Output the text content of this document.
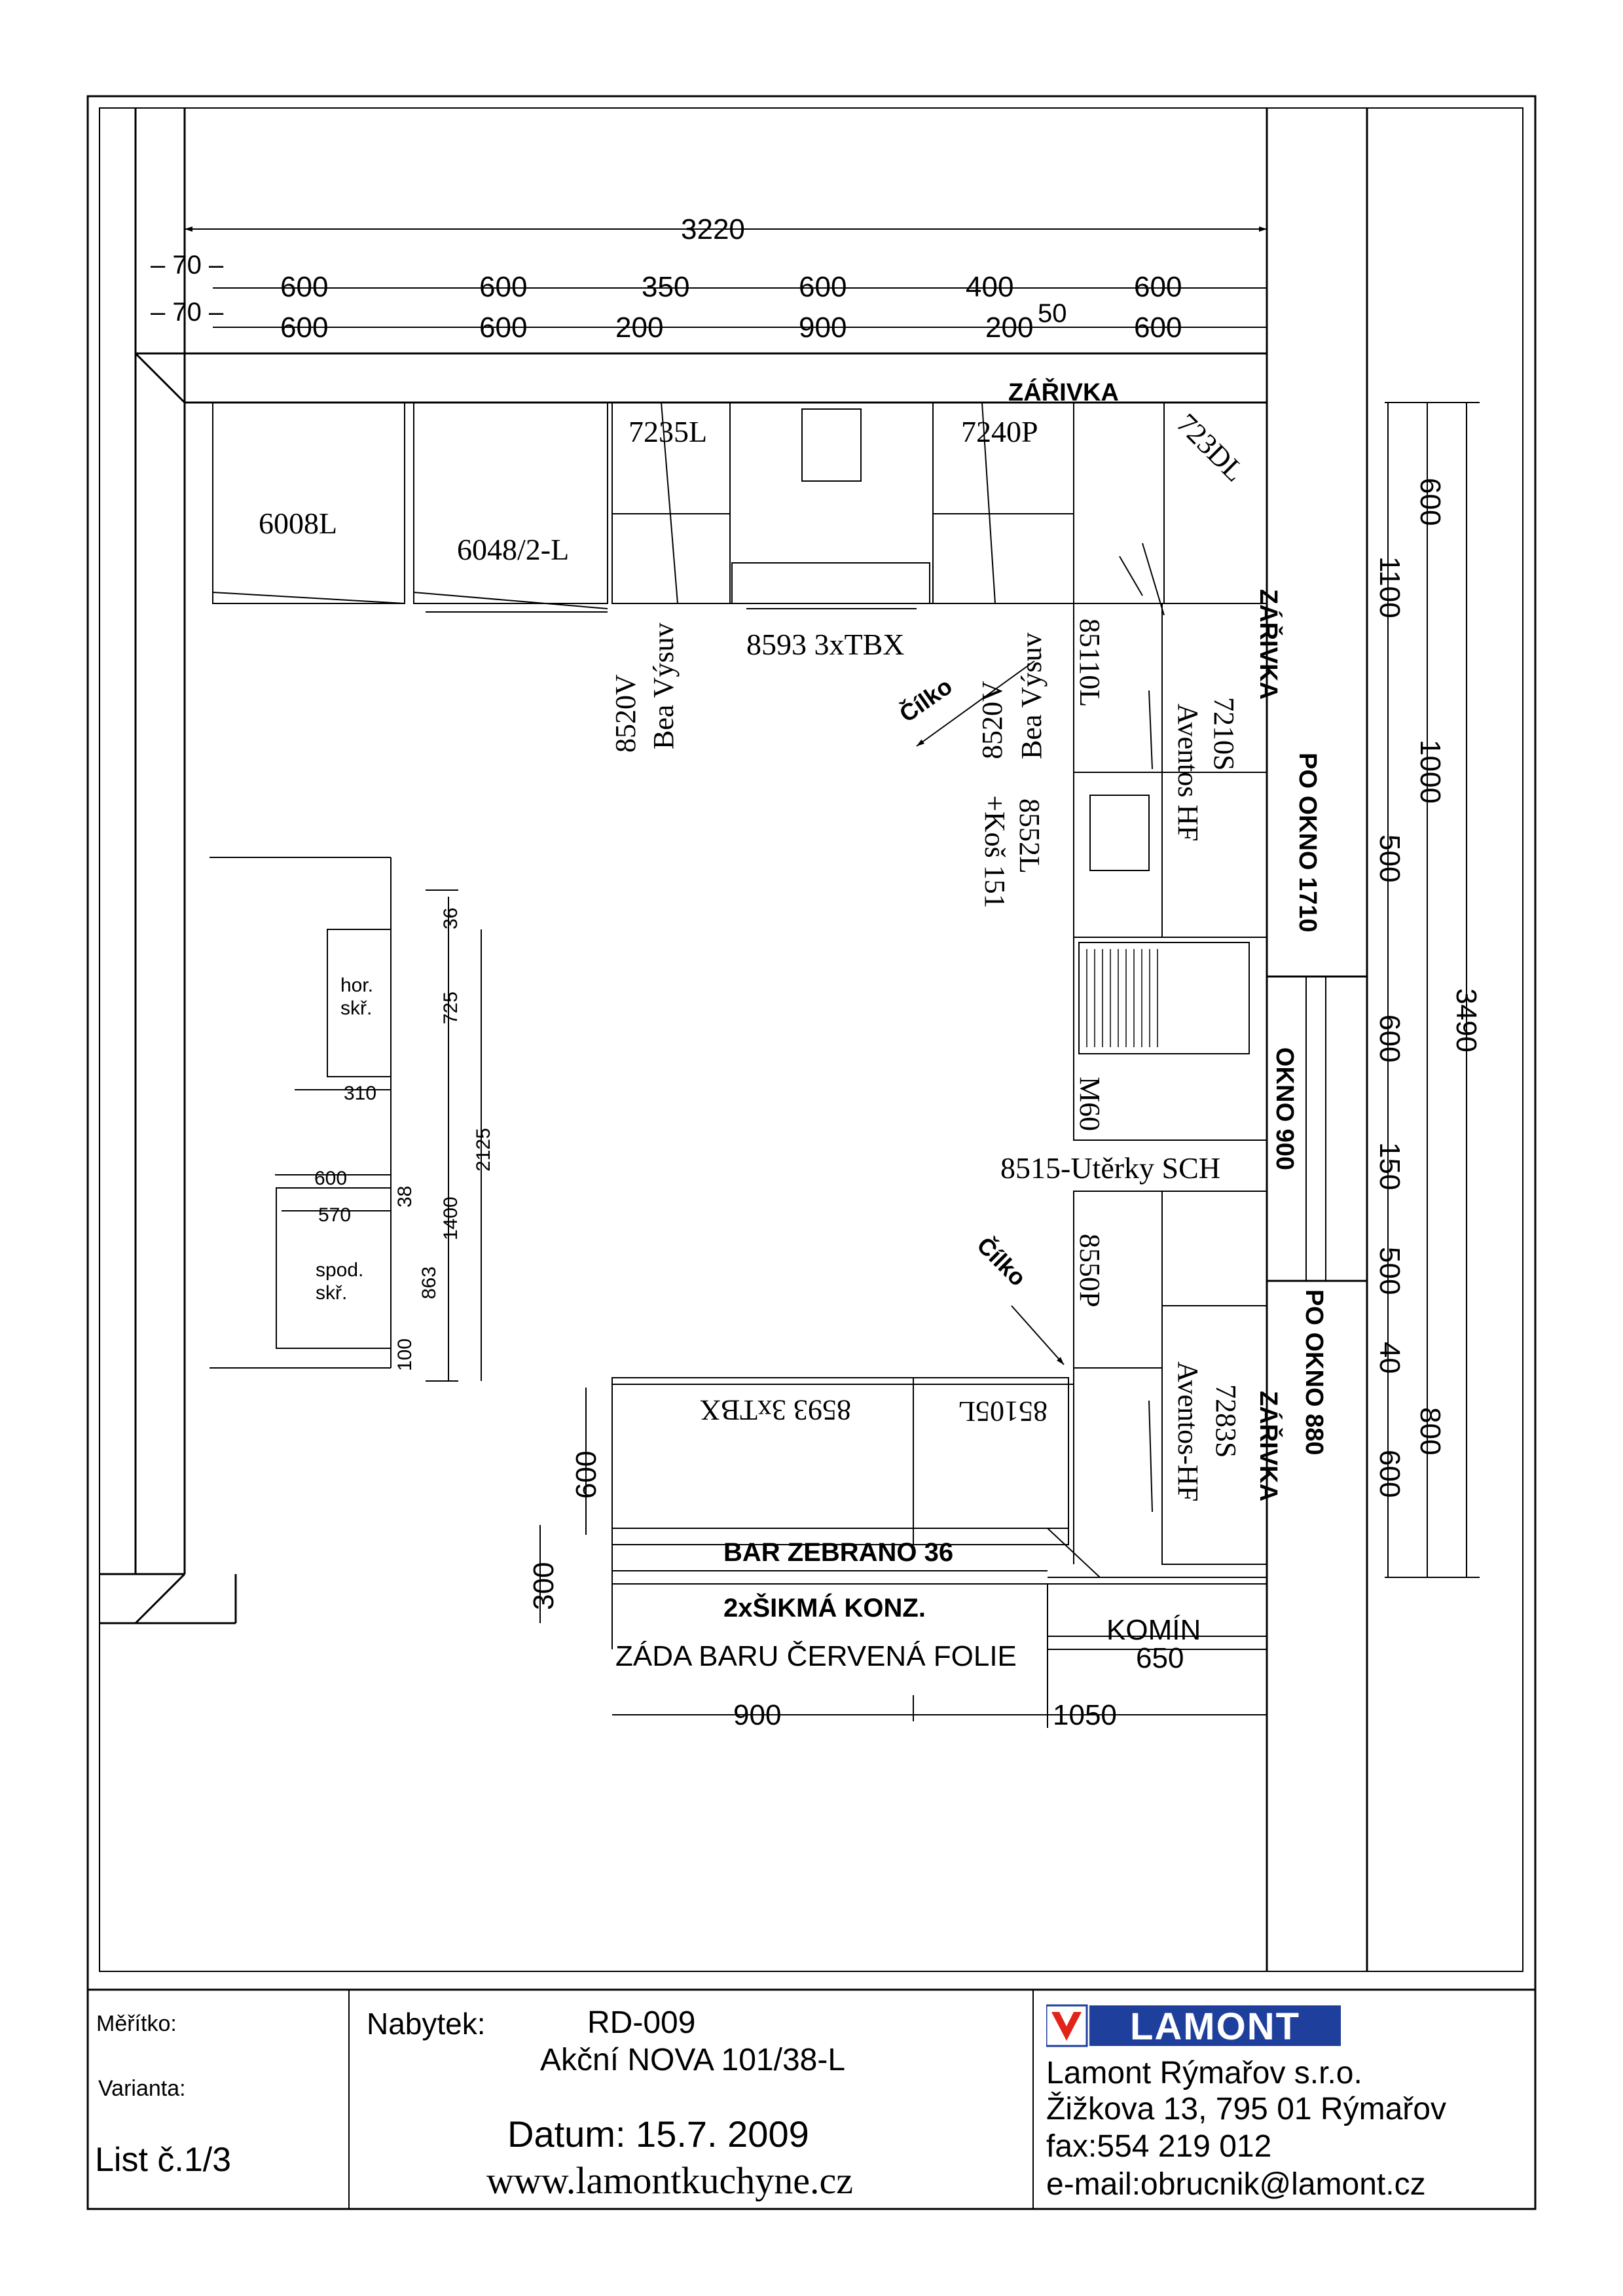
3220
– 70 –
– 70 –
600	600	350	600	400	600
600	600	200	900	200	600
50
3490
600
1100
1000
500
600
150
500
40
800
600
600
300
900	1050
650
ZÁŘIVKA
6008L
6048/2-L
7235L	7240P	723DL
8593 3xTBX
8520V Bea Výsuv	8520V Bea Výsuv
Čílko	85110L
7210S
Aventos HF
8552L
+Koš 151
ZÁŘIVKA
PO OKNO 1710
OKNO 900
M60
8515-Utěrky SCH
8550P
PO OKNO 880
Čílko
7283S
Aventos-HF ZÁŘIVKA
8593 3xTBX	85105L
BAR ZEBRANO 36
2xŠIKMÁ KONZ.
KOMÍN
ZÁDA BARU ČERVENÁ FOLIE
hor.
skř.
spod.
skř.
310
600
570
36
725
2125
38 1400
863
100
Měřítko:
Varianta:
List č.1/3
Nabytek:	RD-009
Akční NOVA 101/38-L
Datum: 15.7. 2009
www.lamontkuchyne.cz
LAMONT
Lamont Rýmařov s.r.o.
Žižkova 13, 795 01 Rýmařov
fax:554 219 012
e-mail:obrucnik@lamont.cz
